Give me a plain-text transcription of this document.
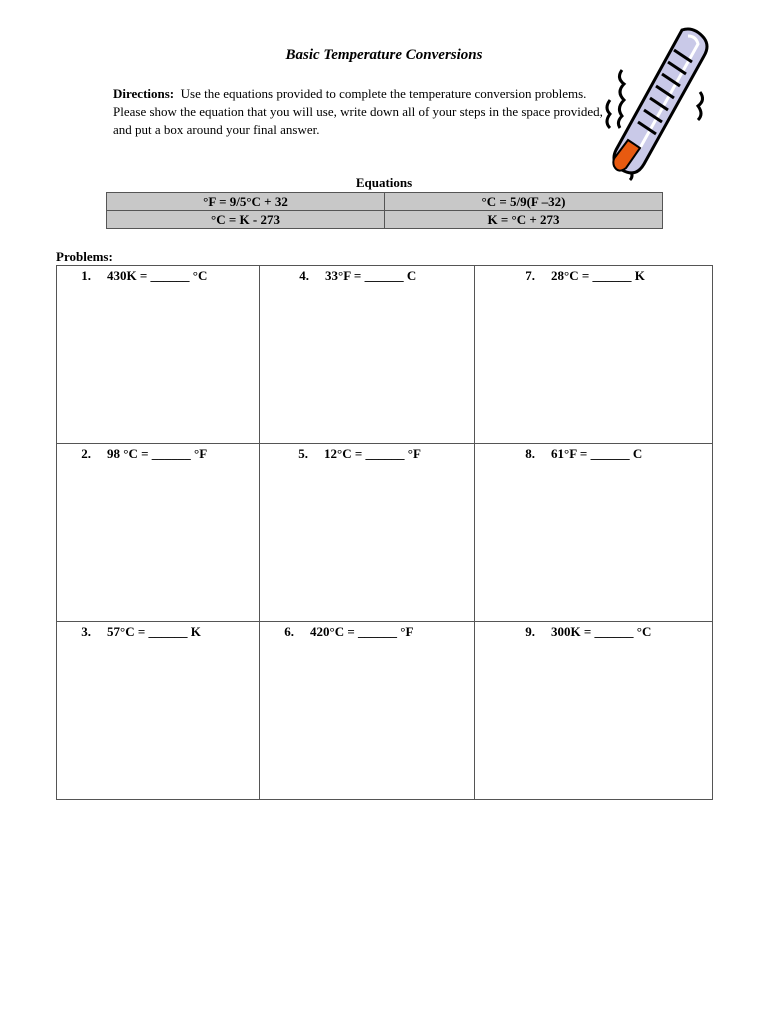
Basic Temperature Conversions
Directions: Use the equations provided to complete the temperature conversion problems. Please show the equation that you will use, write down all of your steps in the space provided, and put a box around your final answer.
Equations
°F = 9/5°C + 32	°C = 5/9(F –32)
°C = K - 273	K = °C + 273
Problems:
1. 430K = ______ °C	4. 33°F = ______ C	7. 28°C = ______ K

2. 98 °C = ______ °F	5. 12°C = ______ °F	8. 61°F = ______ C

3. 57°C = ______ K	6. 420°C = ______ °F	9. 300K = ______ °C
